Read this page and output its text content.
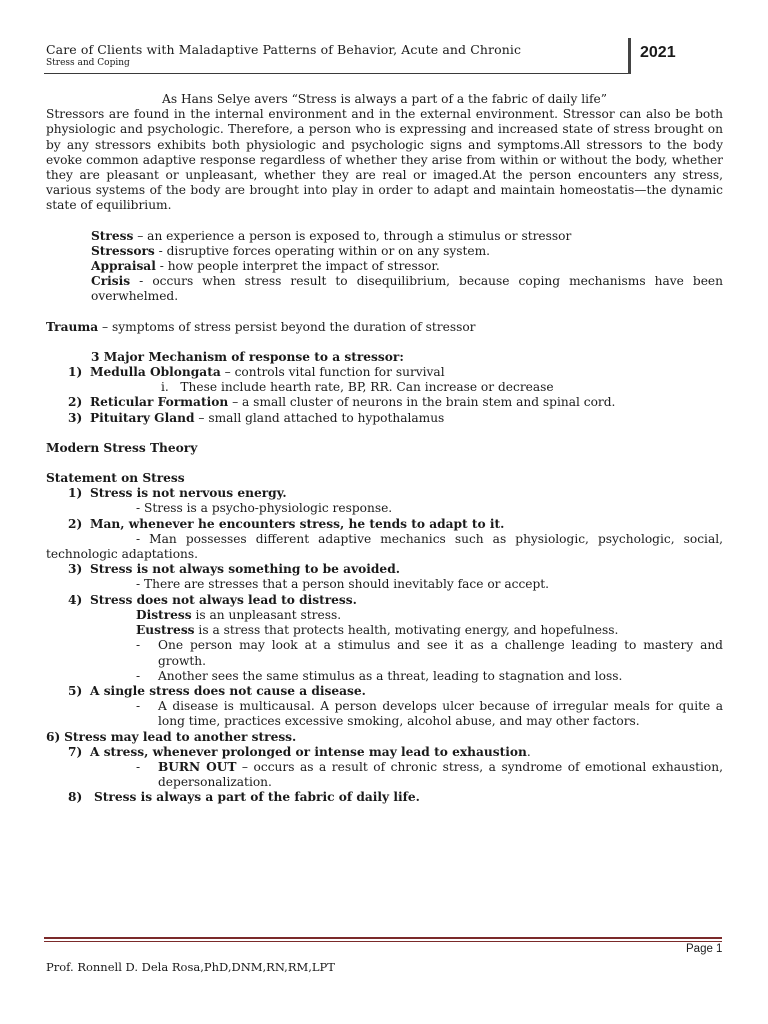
Care of Clients with Maladaptive Patterns of Behavior, Acute and Chronic
Stress and Coping
2021

As Hans Selye avers “Stress is always a part of a the fabric of daily life”

Stressors are found in the internal environment and in the external environment. Stressor can also be both physiologic and psychologic. Therefore, a person who is expressing and increased state of stress brought on by any stressors exhibits both physiologic and psychologic signs and symptoms.All stressors to the body evoke common adaptive response regardless of whether they arise from within or without the body, whether they are pleasant or unpleasant, whether they are real or imaged.At the person encounters any stress, various systems of the body are brought into play in order to adapt and maintain homeostatis—the dynamic state of equilibrium.

Stress – an experience a person is exposed to, through a stimulus or stressor

Stressors - disruptive forces operating within or on any system.

Appraisal - how people interpret the impact of stressor.

Crisis - occurs when stress result to disequilibrium, because coping mechanisms have been overwhelmed.

Trauma – symptoms of stress persist beyond the duration of stressor

3 Major Mechanism of response to a stressor:

1) Medulla Oblongata – controls vital function for survival
i. These include hearth rate, BP, RR. Can increase or decrease
2) Reticular Formation – a small cluster of neurons in the brain stem and spinal cord.
3) Pituitary Gland – small gland attached to hypothalamus

Modern Stress Theory

Statement on Stress

1) Stress is not nervous energy.
- Stress is a psycho-physiologic response.
2) Man, whenever he encounters stress, he tends to adapt to it.
- Man possesses different adaptive mechanics such as physiologic, psychologic, social,
technologic adaptations.
3) Stress is not always something to be avoided.
- There are stresses that a person should inevitably face or accept.
4) Stress does not always lead to distress.
Distress is an unpleasant stress.
Eustress is a stress that protects health, motivating energy, and hopefulness.
-	One person may look at a stimulus and see it as a challenge leading to mastery and growth.
-	Another sees the same stimulus as a threat, leading to stagnation and loss.
5) A single stress does not cause a disease.
-	A disease is multicausal. A person develops ulcer because of irregular meals for quite a long time, practices excessive smoking, alcohol abuse, and may other factors.
6) Stress may lead to another stress.
7) A stress, whenever prolonged or intense may lead to exhaustion.
-	BURN OUT – occurs as a result of chronic stress, a syndrome of emotional exhaustion, depersonalization.
8) Stress is always a part of the fabric of daily life.
Page 1
Prof. Ronnell D. Dela Rosa,PhD,DNM,RN,RM,LPT
